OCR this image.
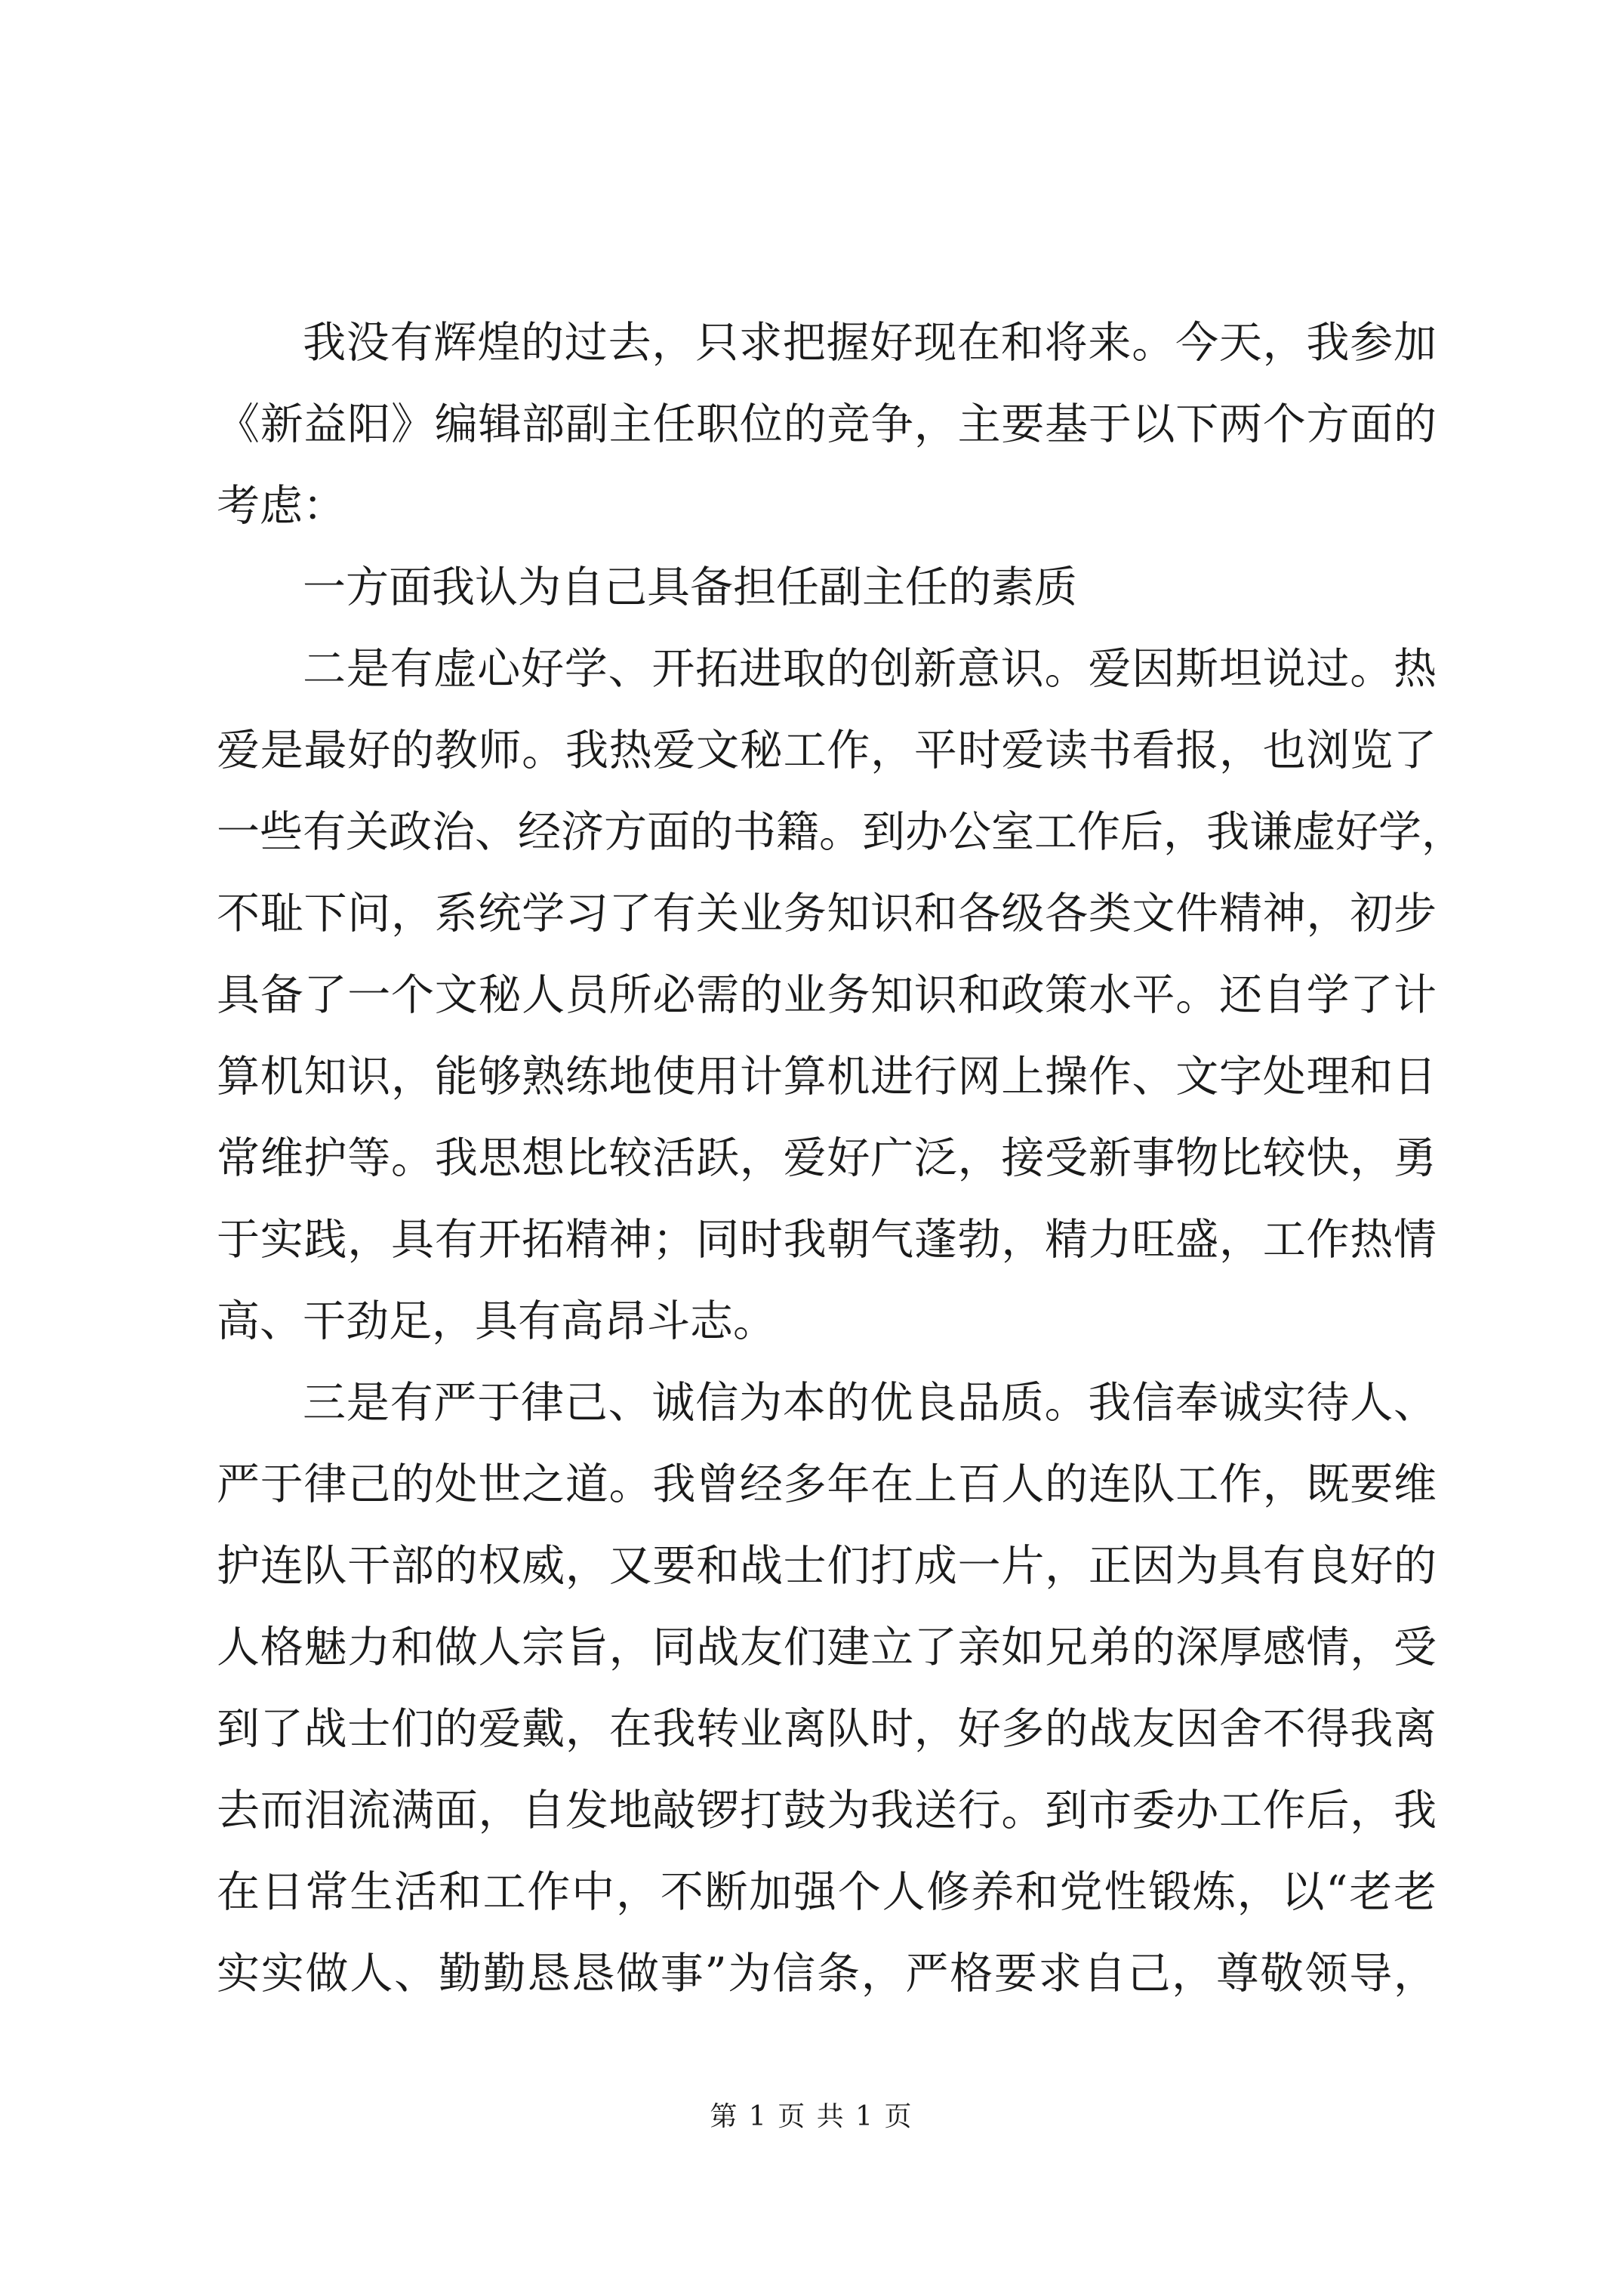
我没有辉煌的过去，只求把握好现在和将来。今天，我参加
《新益阳》编辑部副主任职位的竞争，主要基于以下两个方面的
考虑：
一方面我认为自己具备担任副主任的素质
二是有虚心好学、开拓进取的创新意识。爱因斯坦说过。热
爱是最好的教师。我热爱文秘工作，平时爱读书看报，也浏览了
一些有关政治、经济方面的书籍。到办公室工作后，我谦虚好学，
不耻下问，系统学习了有关业务知识和各级各类文件精神，初步
具备了一个文秘人员所必需的业务知识和政策水平。还自学了计
算机知识，能够熟练地使用计算机进行网上操作、文字处理和日
常维护等。我思想比较活跃，爱好广泛，接受新事物比较快，勇
于实践，具有开拓精神；同时我朝气蓬勃，精力旺盛，工作热情
高、干劲足，具有高昂斗志。
三是有严于律己、诚信为本的优良品质。我信奉诚实待人、
严于律己的处世之道。我曾经多年在上百人的连队工作，既要维
护连队干部的权威，又要和战士们打成一片，正因为具有良好的
人格魅力和做人宗旨，同战友们建立了亲如兄弟的深厚感情，受
到了战士们的爱戴，在我转业离队时，好多的战友因舍不得我离
去而泪流满面，自发地敲锣打鼓为我送行。到市委办工作后，我
在日常生活和工作中，不断加强个人修养和党性锻炼，以“老老
实实做人、勤勤恳恳做事”为信条，严格要求自己，尊敬领导，
第 1 页 共 1 页
